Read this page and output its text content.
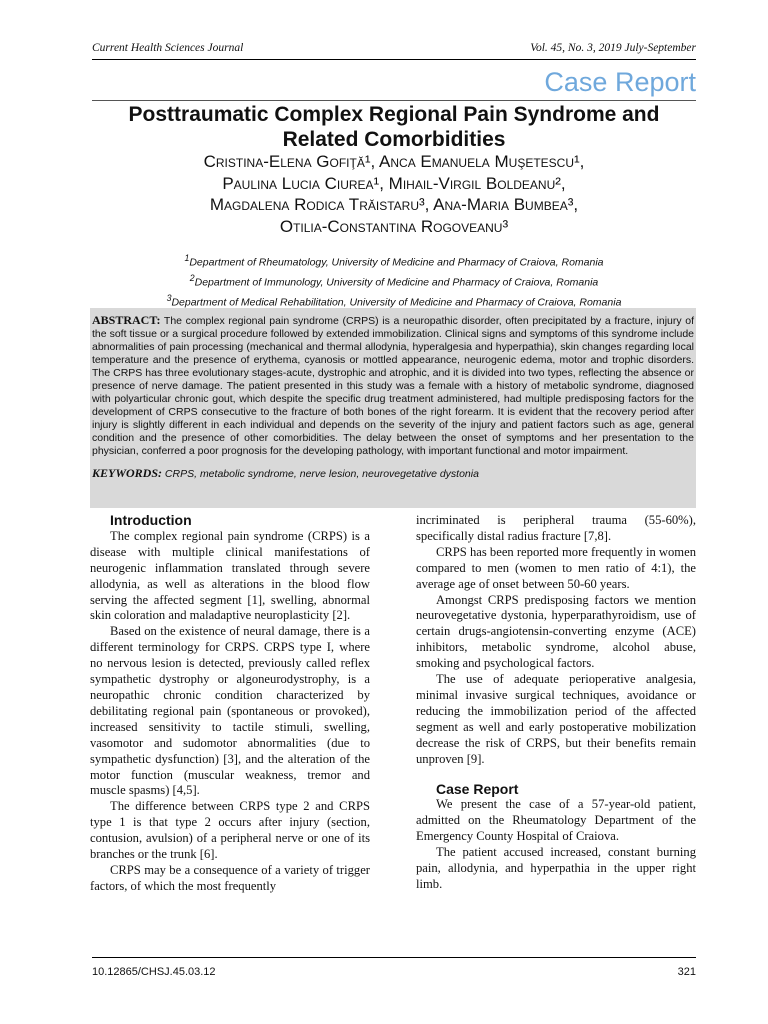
Current Health Sciences Journal	Vol. 45, No. 3, 2019 July-September
Case Report
Posttraumatic Complex Regional Pain Syndrome and
Related Comorbidities
Cristina-Elena Gofiţă¹, Anca Emanuela Muşetescu¹,
Paulina Lucia Ciurea¹, Mihail-Virgil Boldeanu²,
Magdalena Rodica Trăistaru³, Ana-Maria Bumbea³,
Otilia-Constantina Rogoveanu³
$^1$Department of Rheumatology, University of Medicine and Pharmacy of Craiova, Romania
$^2$Department of Immunology, University of Medicine and Pharmacy of Craiova, Romania
$^3$Department of Medical Rehabilitation, University of Medicine and Pharmacy of Craiova, Romania
ABSTRACT: The complex regional pain syndrome (CRPS) is a neuropathic disorder, often precipitated by a fracture, injury of the soft tissue or a surgical procedure followed by extended immobilization. Clinical signs and symptoms of this syndrome include abnormalities of pain processing (mechanical and thermal allodynia, hyperalgesia and hyperpathia), skin changes regarding local temperature and the presence of erythema, cyanosis or mottled appearance, neurogenic edema, motor and trophic disorders. The CRPS has three evolutionary stages-acute, dystrophic and atrophic, and it is divided into two types, reflecting the absence or presence of nerve damage. The patient presented in this study was a female with a history of metabolic syndrome, diagnosed with polyarticular chronic gout, which despite the specific drug treatment administered, had multiple predisposing factors for the development of CRPS consecutive to the fracture of both bones of the right forearm. It is evident that the recovery period after injury is slightly different in each individual and depends on the severity of the injury and patient factors such as age, general condition and the presence of other comorbidities. The delay between the onset of symptoms and her presentation to the physician, conferred a poor prognosis for the developing pathology, with important functional and motor impairment.
KEYWORDS: CRPS, metabolic syndrome, nerve lesion, neurovegetative dystonia

Introduction

The complex regional pain syndrome (CRPS) is a disease with multiple clinical manifestations of neurogenic inflammation translated through severe allodynia, as well as alterations in the blood flow serving the affected segment [1], swelling, abnormal skin coloration and maladaptive neuroplasticity [2].

Based on the existence of neural damage, there is a different terminology for CRPS. CRPS type I, where no nervous lesion is detected, previously called reflex sympathetic dystrophy or algoneurodystrophy, is a neuropathic chronic condition characterized by debilitating regional pain (spontaneous or provoked), increased sensitivity to tactile stimuli, swelling, vasomotor and sudomotor abnormalities (due to sympathetic dysfunction) [3], and the alteration of the motor function (muscular weakness, tremor and muscle spasms) [4,5].

The difference between CRPS type 2 and CRPS type 1 is that type 2 occurs after injury (section, contusion, avulsion) of a peripheral nerve or one of its branches or the trunk [6].

CRPS may be a consequence of a variety of trigger factors, of which the most frequently

incriminated is peripheral trauma (55-60%), specifically distal radius fracture [7,8].

CRPS has been reported more frequently in women compared to men (women to men ratio of 4:1), the average age of onset between 50-60 years.

Amongst CRPS predisposing factors we mention neurovegetative dystonia, hyperparathyroidism, use of certain drugs-angiotensin-converting enzyme (ACE) inhibitors, metabolic syndrome, alcohol abuse, smoking and psychological factors.

The use of adequate perioperative analgesia, minimal invasive surgical techniques, avoidance or reducing the immobilization period of the affected segment as well and early postoperative mobilization decrease the risk of CRPS, but their benefits remain unproven [9].

Case Report

We present the case of a 57-year-old patient, admitted on the Rheumatology Department of the Emergency County Hospital of Craiova.

The patient accused increased, constant burning pain, allodynia, and hyperpathia in the upper right limb.

10.12865/CHSJ.45.03.12	321
